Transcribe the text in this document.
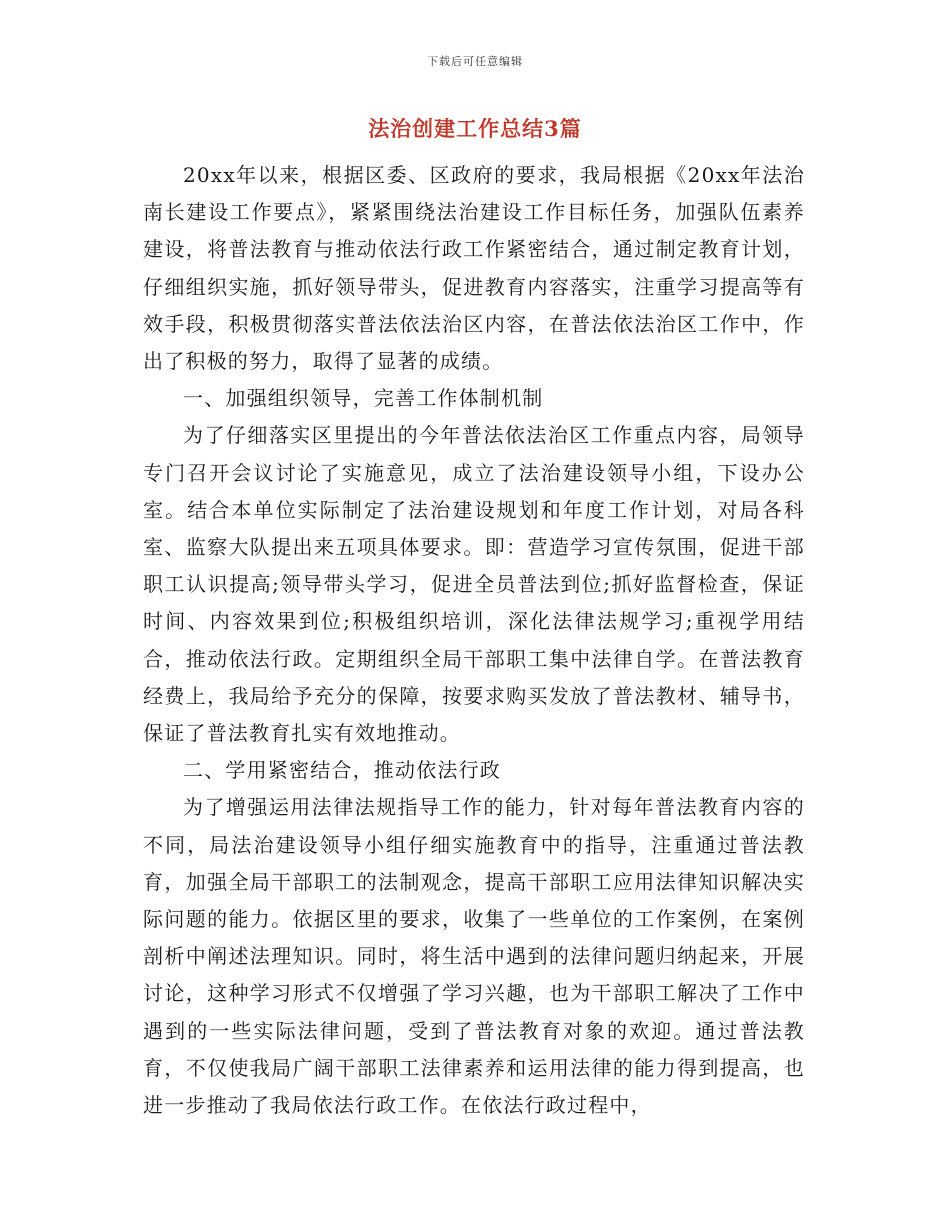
下载后可任意编辑
法治创建工作总结3篇

20xx年以来，根据区委、区政府的要求，我局根据《20xx年法治南长建设工作要点》，紧紧围绕法治建设工作目标任务，加强队伍素养建设，将普法教育与推动依法行政工作紧密结合，通过制定教育计划，仔细组织实施，抓好领导带头，促进教育内容落实，注重学习提高等有效手段，积极贯彻落实普法依法治区内容，在普法依法治区工作中，作出了积极的努力，取得了显著的成绩。

一、加强组织领导，完善工作体制机制

为了仔细落实区里提出的今年普法依法治区工作重点内容，局领导专门召开会议讨论了实施意见，成立了法治建设领导小组，下设办公室。结合本单位实际制定了法治建设规划和年度工作计划，对局各科室、监察大队提出来五项具体要求。即：营造学习宣传氛围，促进干部职工认识提高;领导带头学习，促进全员普法到位;抓好监督检查，保证时间、内容效果到位;积极组织培训，深化法律法规学习;重视学用结合，推动依法行政。定期组织全局干部职工集中法律自学。在普法教育经费上，我局给予充分的保障，按要求购买发放了普法教材、辅导书，保证了普法教育扎实有效地推动。

二、学用紧密结合，推动依法行政

为了增强运用法律法规指导工作的能力，针对每年普法教育内容的不同，局法治建设领导小组仔细实施教育中的指导，注重通过普法教育，加强全局干部职工的法制观念，提高干部职工应用法律知识解决实际问题的能力。依据区里的要求，收集了一些单位的工作案例，在案例剖析中阐述法理知识。同时，将生活中遇到的法律问题归纳起来，开展讨论，这种学习形式不仅增强了学习兴趣，也为干部职工解决了工作中遇到的一些实际法律问题，受到了普法教育对象的欢迎。通过普法教育，不仅使我局广阔干部职工法律素养和运用法律的能力得到提高，也进一步推动了我局依法行政工作。在依法行政过程中，
